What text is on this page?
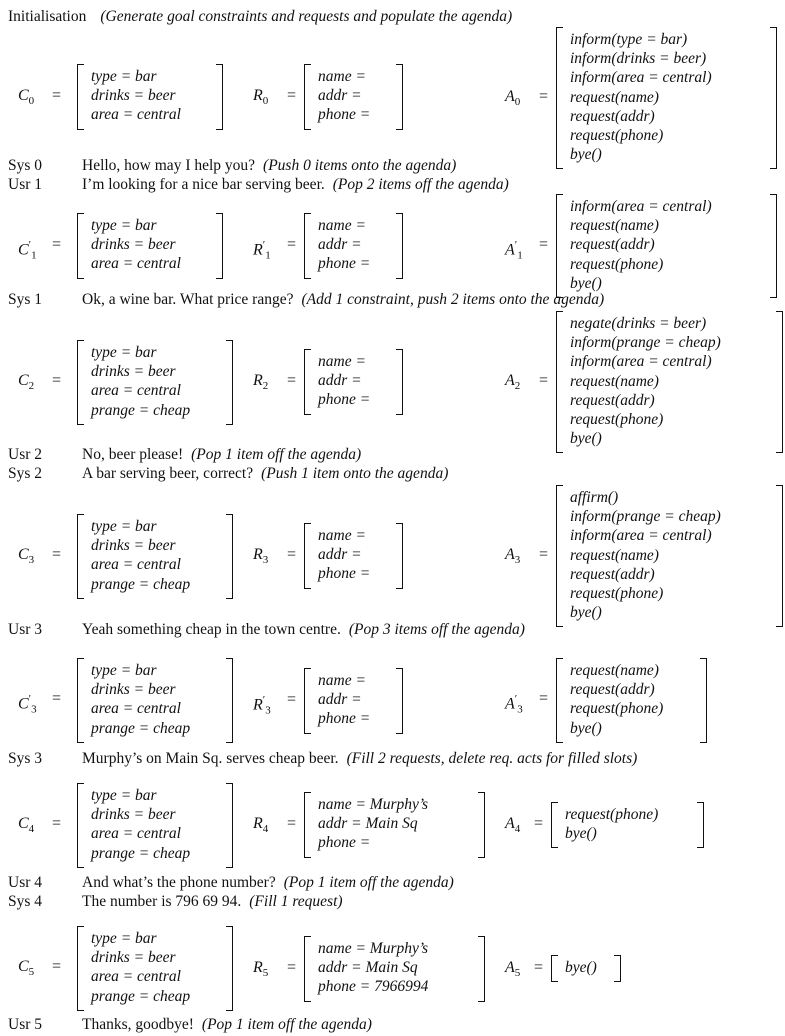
Initialisation (Generate goal constraints and requests and populate the agenda)
Sys 0	Hello, how may I help you? (Push 0 items onto the agenda)
Usr 1	I’m looking for a nice bar serving beer. (Pop 2 items off the agenda)
Sys 1	Ok, a wine bar. What price range? (Add 1 constraint, push 2 items onto the agenda)
Usr 2	No, beer please! (Pop 1 item off the agenda)
Sys 2	A bar serving beer, correct? (Push 1 item onto the agenda)
Usr 3	Yeah something cheap in the town centre. (Pop 3 items off the agenda)
Sys 3	Murphy’s on Main Sq. serves cheap beer. (Fill 2 requests, delete req. acts for filled slots)
Usr 4	And what’s the phone number? (Pop 1 item off the agenda)
Sys 4	The number is 796 69 94. (Fill 1 request)
Usr 5	Thanks, goodbye! (Pop 1 item off the agenda)
$C_0$ =
type = bar
drinks = beer
area = central
$R_0$ =
name =
addr =
phone =
$A_0$ =
inform(type = bar)
inform(drinks = beer)
inform(area = central)
request(name)
request(addr)
request(phone)
bye()
$C'_1$
=
type = bar
drinks = beer
area = central
$R'_1$
=
name =
addr =
phone =
$A'_1$
=
inform(area = central)
request(name)
request(addr)
request(phone)
bye()
$C_2$ =
type = bar
drinks = beer
area = central
prange = cheap
$R_2$ =
name =
addr =
phone =
$A_2$ =
negate(drinks = beer)
inform(prange = cheap)
inform(area = central)
request(name)
request(addr)
request(phone)
bye()
$C_3$ =
type = bar
drinks = beer
area = central
prange = cheap
$R_3$ =
name =
addr =
phone =
$A_3$ =
affirm()
inform(prange = cheap)
inform(area = central)
request(name)
request(addr)
request(phone)
bye()
$C'_3$
=
type = bar
drinks = beer
area = central
prange = cheap
$R'_3$
=
name =
addr =
phone =
$A'_3$
=
request(name)
request(addr)
request(phone)
bye()
$C_4$ =
type = bar
drinks = beer
area = central
prange = cheap
$R_4$ =
name = Murphy’s
addr = Main Sq
phone =
$A_4$ =
request(phone)
bye()
$C_5$ =
type = bar
drinks = beer
area = central
prange = cheap
$R_5$ =
name = Murphy’s
addr = Main Sq
phone = 7966994
$A_5 = bye()$
